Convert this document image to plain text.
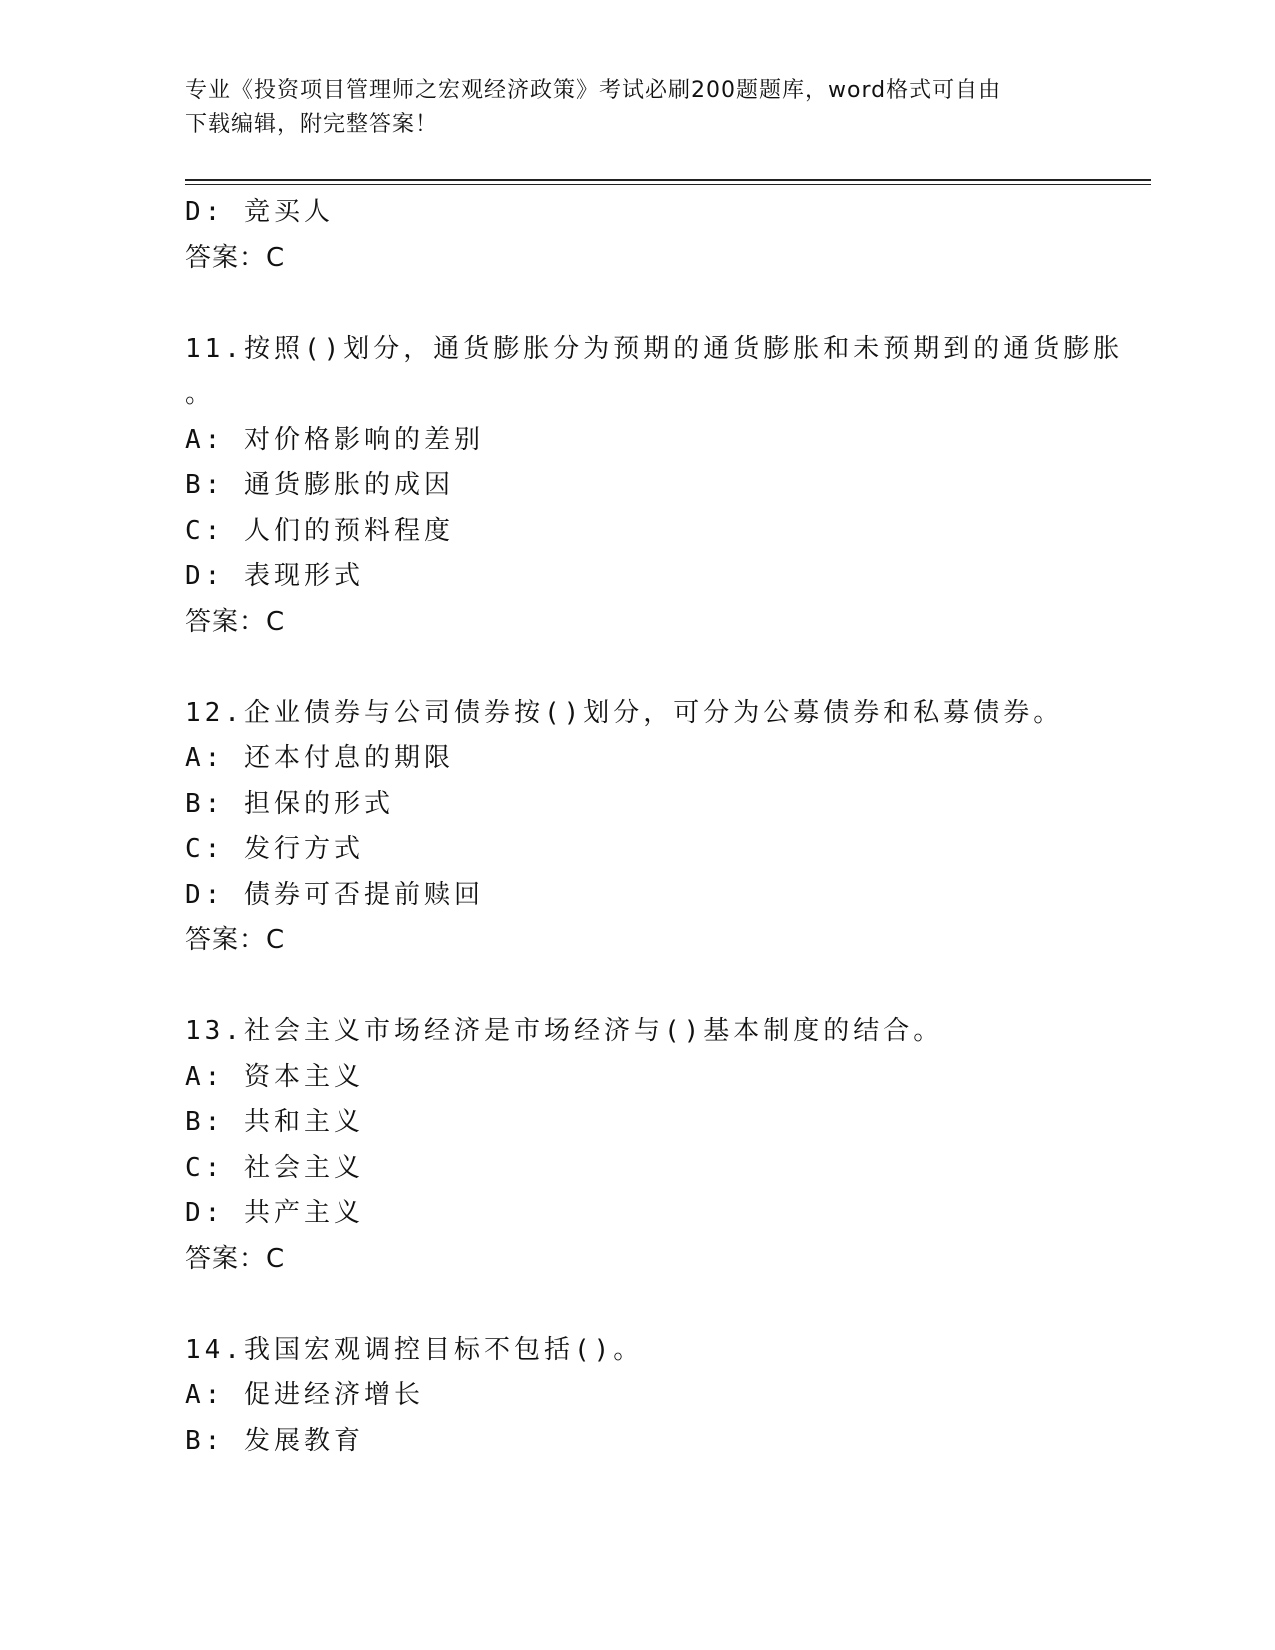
专业《投资项目管理师之宏观经济政策》考试必刷200题题库，word格式可自由
下载编辑，附完整答案！
D: 竞买人
答案：C
11.按照()划分，通货膨胀分为预期的通货膨胀和未预期到的通货膨胀
。
A: 对价格影响的差别
B: 通货膨胀的成因
C: 人们的预料程度
D: 表现形式
答案：C
12.企业债券与公司债券按()划分，可分为公募债券和私募债券。
A: 还本付息的期限
B: 担保的形式
C: 发行方式
D: 债券可否提前赎回
答案：C
13.社会主义市场经济是市场经济与()基本制度的结合。
A: 资本主义
B: 共和主义
C: 社会主义
D: 共产主义
答案：C
14.我国宏观调控目标不包括()。
A: 促进经济增长
B: 发展教育
